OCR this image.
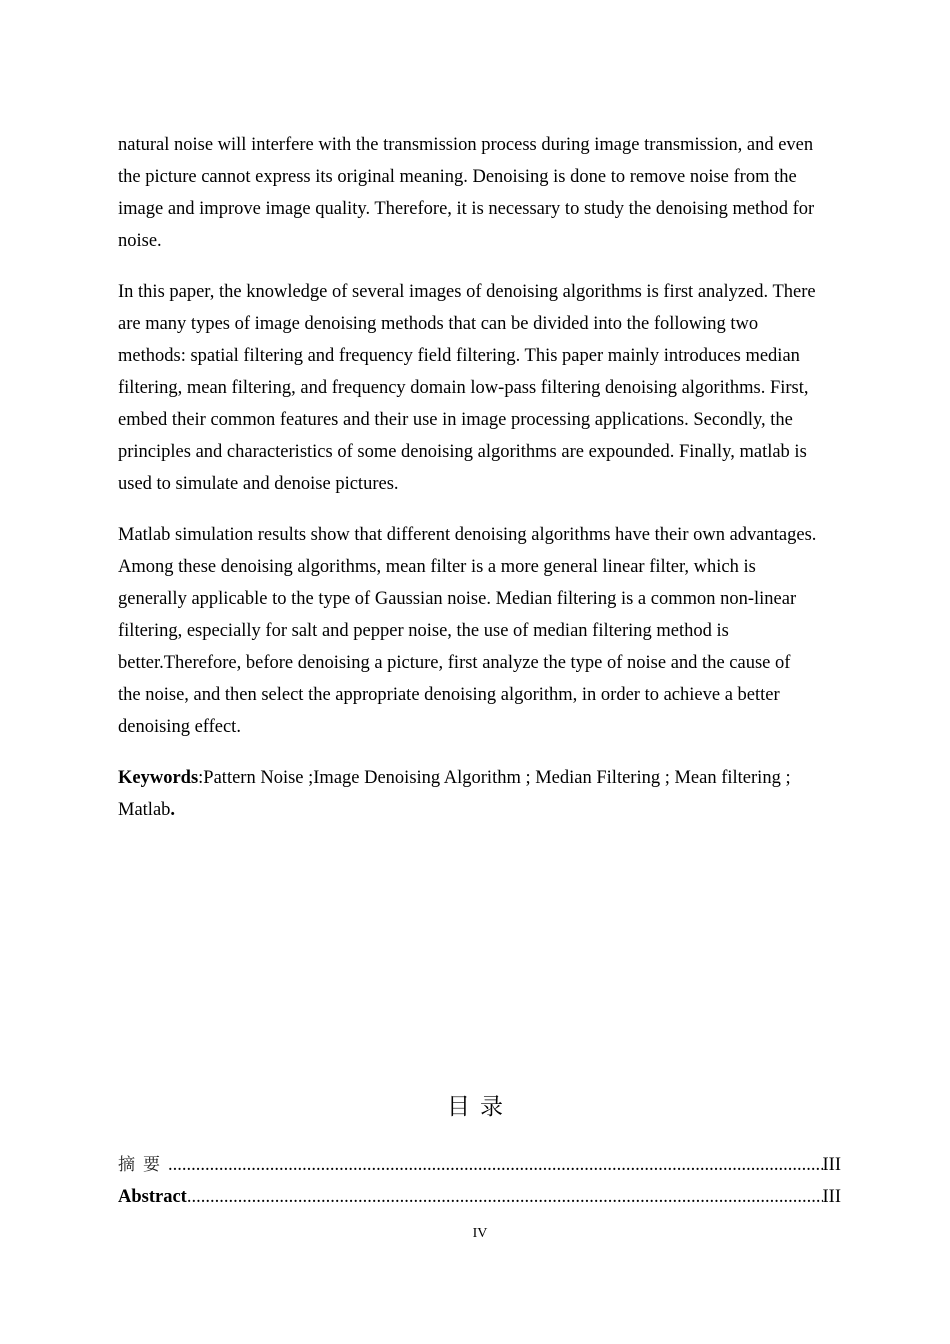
natural noise will interfere with the transmission process during image transmission, and even
the picture cannot express its original meaning. Denoising is done to remove noise from the
image and improve image quality. Therefore, it is necessary to study the denoising method for
noise.

In this paper, the knowledge of several images of denoising algorithms is first analyzed. There
are many types of image denoising methods that can be divided into the following two
methods: spatial filtering and frequency field filtering. This paper mainly introduces median
filtering, mean filtering, and frequency domain low-pass filtering denoising algorithms. First,
embed their common features and their use in image processing applications. Secondly, the
principles and characteristics of some denoising algorithms are expounded. Finally, matlab is
used to simulate and denoise pictures.

Matlab simulation results show that different denoising algorithms have their own advantages.
Among these denoising algorithms, mean filter is a more general linear filter, which is
generally applicable to the type of Gaussian noise. Median filtering is a common non-linear
filtering, especially for salt and pepper noise, the use of median filtering method is
better.Therefore, before denoising a picture, first analyze the type of noise and the cause of
the noise, and then select the appropriate denoising algorithm, in order to achieve a better
denoising effect.

Keywords:Pattern Noise ;Image Denoising Algorithm ; Median Filtering ; Mean filtering ;
Matlab.

目录
摘要 .....	III
Abstract .....	III
IV
